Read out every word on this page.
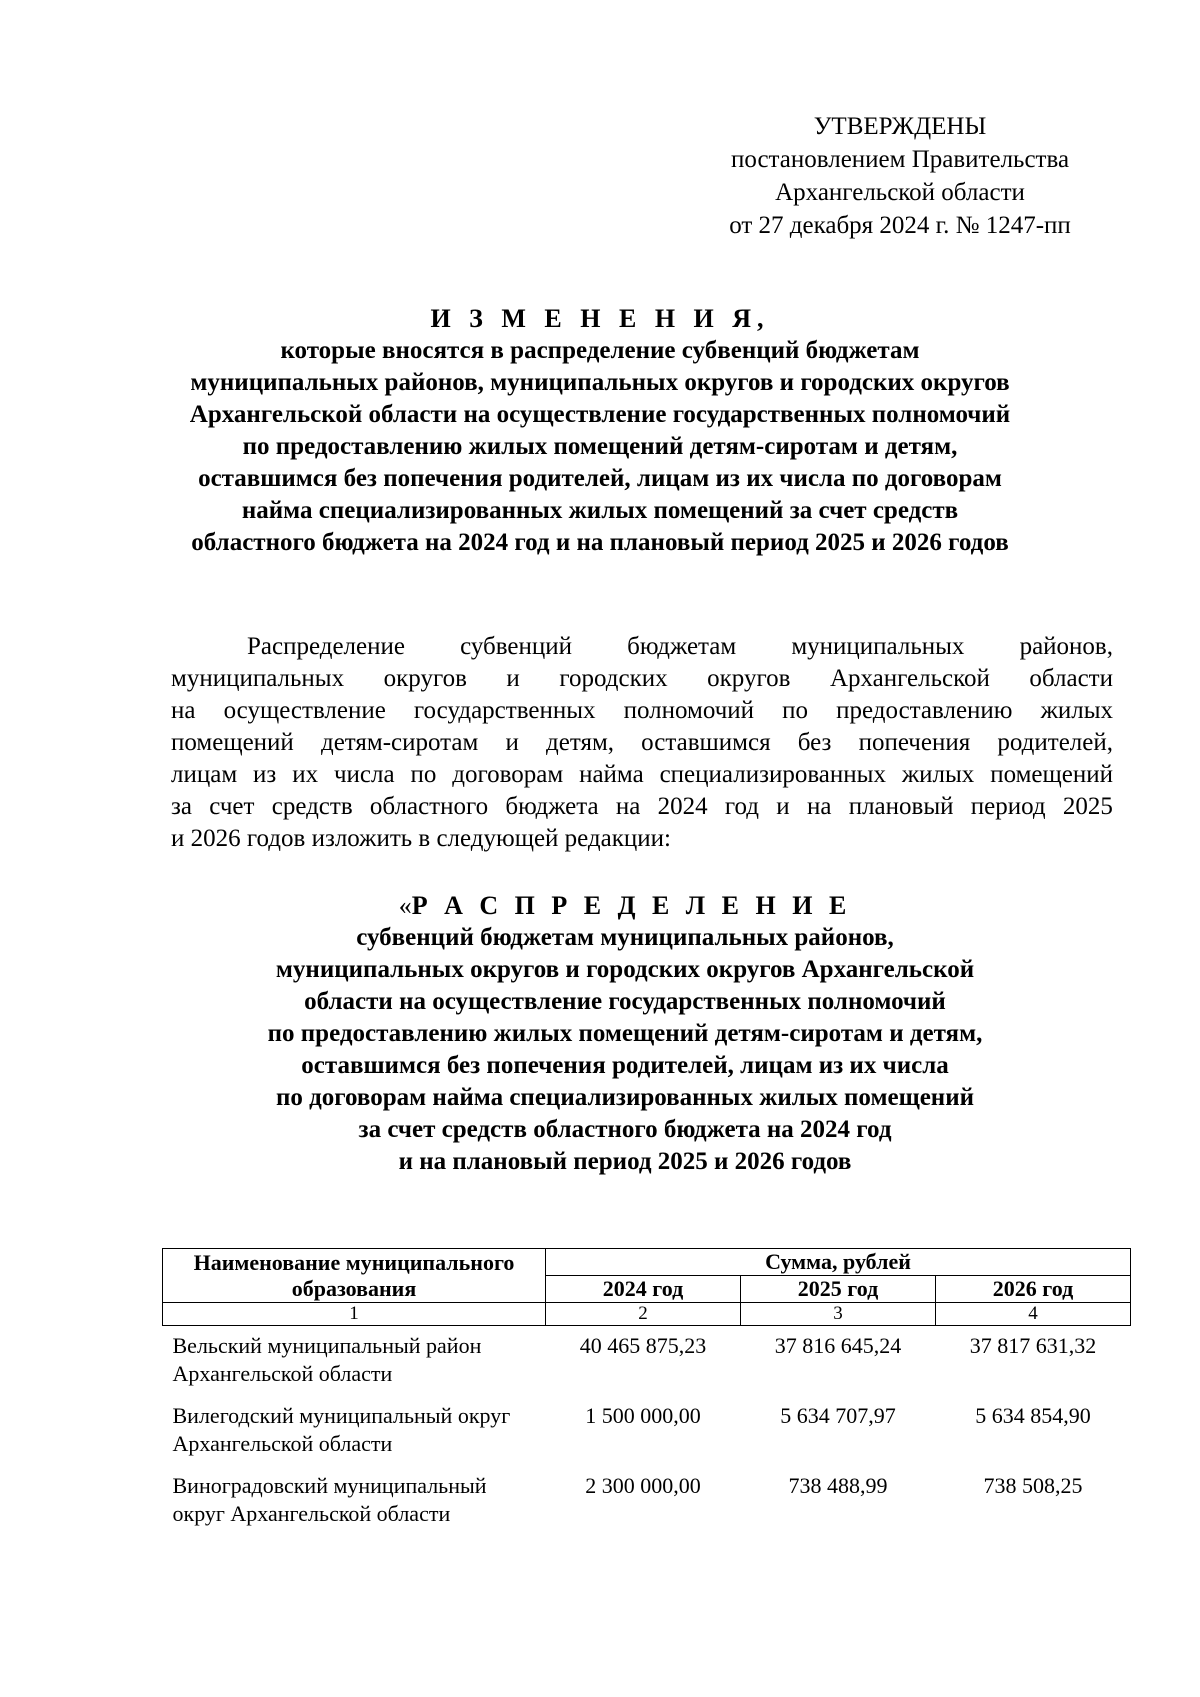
УТВЕРЖДЕНЫ
постановлением Правительства
Архангельской области
от 27 декабря 2024 г. № 1247-пп
И З М Е Н Е Н И Я,
которые вносятся в распределение субвенций бюджетам
муниципальных районов, муниципальных округов и городских округов
Архангельской области на осуществление государственных полномочий
по предоставлению жилых помещений детям-сиротам и детям,
оставшимся без попечения родителей, лицам из их числа по договорам
найма специализированных жилых помещений за счет средств
областного бюджета на 2024 год и на плановый период 2025 и 2026 годов
Распределение субвенций бюджетам муниципальных районов,
муниципальных округов и городских округов Архангельской области
на осуществление государственных полномочий по предоставлению жилых
помещений детям-сиротам и детям, оставшимся без попечения родителей,
лицам из их числа по договорам найма специализированных жилых помещений
за счет средств областного бюджета на 2024 год и на плановый период 2025
и 2026 годов изложить в следующей редакции:
«Р А С П Р Е Д Е Л Е Н И Е
субвенций бюджетам муниципальных районов,
муниципальных округов и городских округов Архангельской
области на осуществление государственных полномочий
по предоставлению жилых помещений детям-сиротам и детям,
оставшимся без попечения родителей, лицам из их числа
по договорам найма специализированных жилых помещений
за счет средств областного бюджета на 2024 год
и на плановый период 2025 и 2026 годов
Наименование муниципального образования	Сумма, рублей		
	2024 год	2025 год	2026 год
1	2	3	4
Вельский муниципальный район Архангельской области	40 465 875,23	37 816 645,24	37 817 631,32
Вилегодский муниципальный округ Архангельской области	1 500 000,00	5 634 707,97	5 634 854,90
Виноградовский муниципальный округ Архангельской области	2 300 000,00	738 488,99	738 508,25
